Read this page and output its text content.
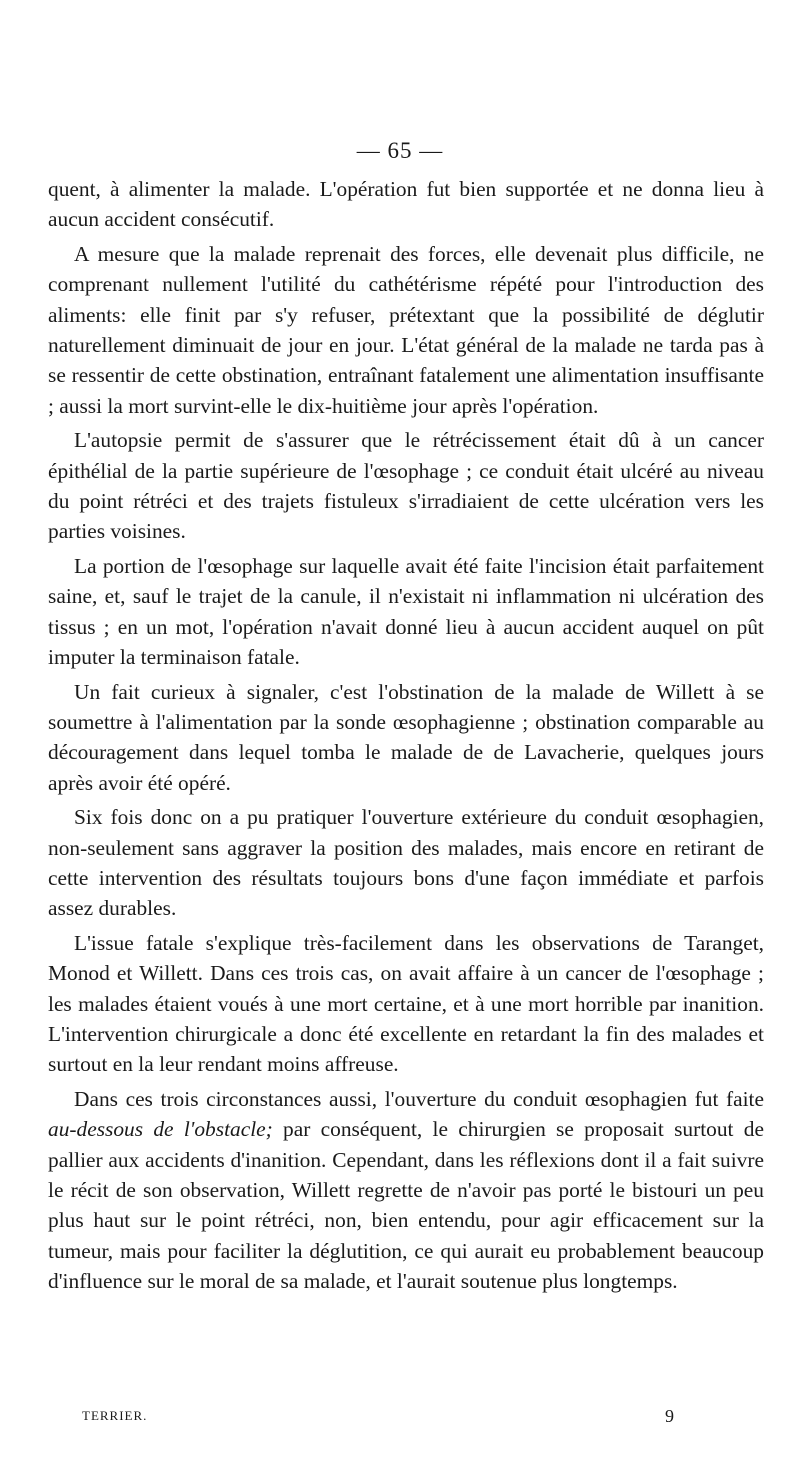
— 65 —

quent, à alimenter la malade. L'opération fut bien supportée et ne donna lieu à aucun accident consécutif.

A mesure que la malade reprenait des forces, elle devenait plus difficile, ne comprenant nullement l'utilité du cathétérisme répété pour l'introduction des aliments: elle finit par s'y refuser, prétextant que la possibilité de déglutir naturellement diminuait de jour en jour. L'état général de la malade ne tarda pas à se ressentir de cette obstination, entraînant fatalement une alimentation insuffisante ; aussi la mort survint-elle le dix-huitième jour après l'opération.

L'autopsie permit de s'assurer que le rétrécissement était dû à un cancer épithélial de la partie supérieure de l'œsophage ; ce conduit était ulcéré au niveau du point rétréci et des trajets fistuleux s'irradiaient de cette ulcération vers les parties voisines.

La portion de l'œsophage sur laquelle avait été faite l'incision était parfaitement saine, et, sauf le trajet de la canule, il n'existait ni inflammation ni ulcération des tissus ; en un mot, l'opération n'avait donné lieu à aucun accident auquel on pût imputer la terminaison fatale.

Un fait curieux à signaler, c'est l'obstination de la malade de Willett à se soumettre à l'alimentation par la sonde œsophagienne ; obstination comparable au découragement dans lequel tomba le malade de de Lavacherie, quelques jours après avoir été opéré.

Six fois donc on a pu pratiquer l'ouverture extérieure du conduit œsophagien, non-seulement sans aggraver la position des malades, mais encore en retirant de cette intervention des résultats toujours bons d'une façon immédiate et parfois assez durables.

L'issue fatale s'explique très-facilement dans les observations de Taranget, Monod et Willett. Dans ces trois cas, on avait affaire à un cancer de l'œsophage ; les malades étaient voués à une mort certaine, et à une mort horrible par inanition. L'intervention chirurgicale a donc été excellente en retardant la fin des malades et surtout en la leur rendant moins affreuse.

Dans ces trois circonstances aussi, l'ouverture du conduit œsophagien fut faite au-dessous de l'obstacle; par conséquent, le chirurgien se proposait surtout de pallier aux accidents d'inanition. Cependant, dans les réflexions dont il a fait suivre le récit de son observation, Willett regrette de n'avoir pas porté le bistouri un peu plus haut sur le point rétréci, non, bien entendu, pour agir efficacement sur la tumeur, mais pour faciliter la déglutition, ce qui aurait eu probablement beaucoup d'influence sur le moral de sa malade, et l'aurait soutenue plus longtemps.

TERRIER.	9
